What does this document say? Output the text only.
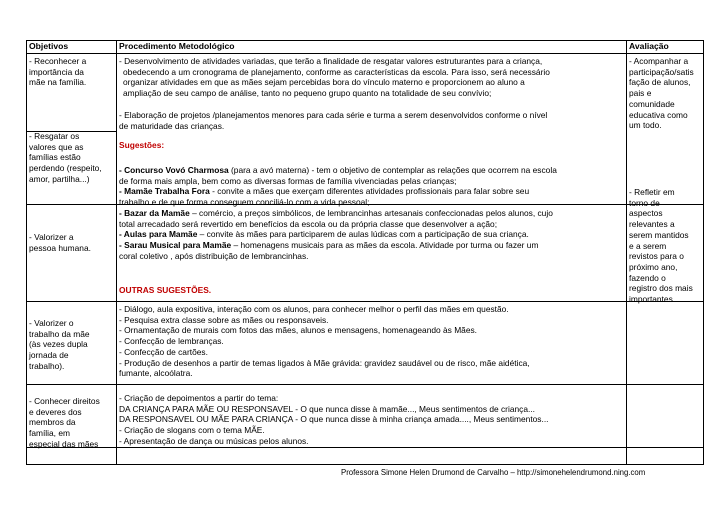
Objetivos	Procedimento Metodológico	Avaliação
- Reconhecer a
importância da
mãe na família.
- Resgatar os
valores que as
famílias estão
perdendo (respeito,
amor, partilha...)
- Valorizer a
pessoa humana.
- Valorizer o
trabalho da mãe
(às vezes dupla
jornada de
trabalho).
- Conhecer direitos
e deveres dos
membros da
família, em
especial das mães
- Desenvolvimento de atividades variadas, que terão a finalidade de resgatar valores estruturantes para a criança,
obedecendo a um cronograma de planejamento, conforme as características da escola. Para isso, será necessário
organizar atividades em que as mães sejam percebidas bora do vínculo materno e proporcionem ao aluno a
ampliação de seu campo de análise, tanto no pequeno grupo quanto na totalidade de seu convívio;
- Elaboração de projetos /planejamentos menores para cada série e turma a serem desenvolvidos conforme o nível
de maturidade das crianças.
Sugestões:
- Concurso Vovó Charmosa (para a avó materna) - tem o objetivo de contemplar as relações que ocorrem na escola
de forma mais ampla, bem como as diversas formas de família vivenciadas pelas crianças;
- Mamãe Trabalha Fora - convite a mães que exerçam diferentes atividades profissionais para falar sobre seu
trabalho e de que forma conseguem conciliá-lo com a vida pessoal;
- Bazar da Mamãe – comércio, a preços simbólicos, de lembrancinhas artesanais confeccionadas pelos alunos, cujo
total arrecadado será revertido em benefícios da escola ou da própria classe que desenvolver a ação;
- Aulas para Mamãe – convite às mães para participarem de aulas lúdicas com a participação de sua criança.
- Sarau Musical para Mamãe – homenagens musicais para as mães da escola. Atividade por turma ou fazer um
coral coletivo , após distribuição de lembrancinhas.
OUTRAS SUGESTÕES.
- Diálogo, aula expositiva, interação com os alunos, para conhecer melhor o perfil das mães em questão.
- Pesquisa extra classe sobre as mães ou responsaveis.
- Ornamentação de murais com fotos das mães, alunos e mensagens, homenageando às Mães.
- Confecção de lembranças.
- Confecção de cartões.
- Produção de desenhos a partir de temas ligados à Mãe grávida: gravidez saudável ou de risco, mãe aidética,
fumante, alcoólatra.
- Criação de depoimentos a partir do tema:
DA CRIANÇA PARA MÃE OU RESPONSAVEL - O que nunca disse à mamãe..., Meus sentimentos de criança...
DA RESPONSAVEL OU MÃE PARA CRIANÇA - O que nunca disse à minha criança amada...., Meus sentimentos...
- Criação de slogans com o tema MÃE.
- Apresentação de dança ou músicas pelos alunos.
- Acompanhar a
participação/satis
fação de alunos,
pais e
comunidade
educativa como
um todo.
- Refletir em
torno de
aspectos
relevantes a
serem mantidos
e a serem
revistos para o
próximo ano,
fazendo o
registro dos mais
importantes.
Professora Simone Helen Drumond de Carvalho – http://simonehelendrumond.ning.com
